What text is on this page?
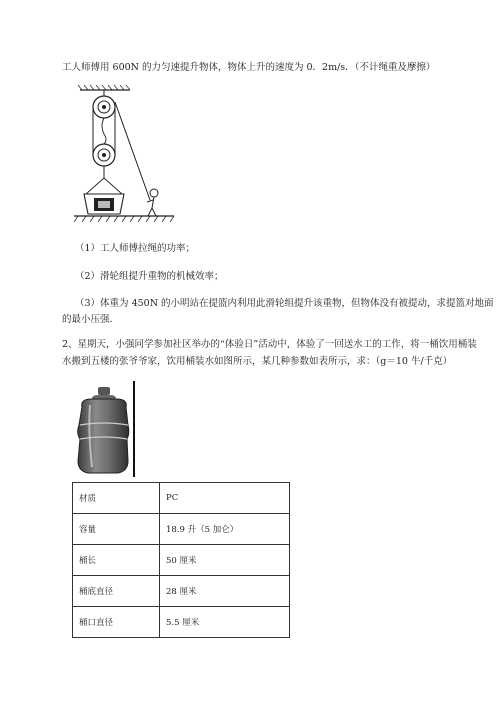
工人师傅用 600N 的力匀速提升物体，物体上升的速度为 0．2m/s．（不计绳重及摩擦）
（1）工人师傅拉绳的功率；
（2）滑轮组提升重物的机械效率；
（3）体重为 450N 的小明站在提篮内利用此滑轮组提升该重物，但物体没有被提动，求提篮对地面
的最小压强．
2、星期天，小强同学参加社区举办的“体验日”活动中，体验了一回送水工的工作，将一桶饮用桶装
水搬到五楼的张爷爷家，饮用桶装水如图所示，某几种参数如表所示，求：（g＝10 牛/千克）
材质	PC
容量	18.9 升（5 加仑）
桶长	50 厘米
桶底直径	28 厘米
桶口直径	5.5 厘米
